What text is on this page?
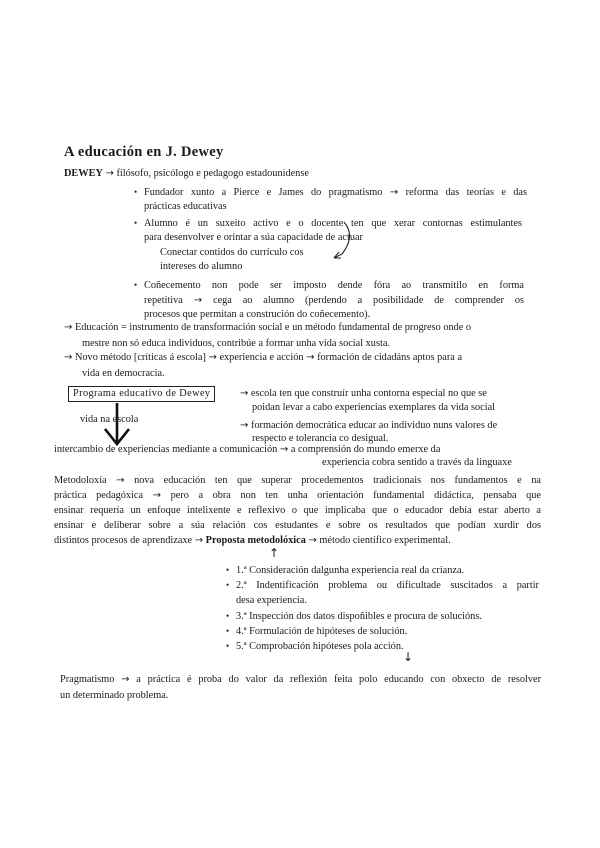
A educación en J. Dewey
DEWEY → filósofo, psicólogo e pedagogo estadounidense
• Fundador xunto a Pierce e James do pragmatismo → reforma das teorías e das
prácticas educativas
• Alumno é un suxeito activo e o docente ten que xerar contornas estimulantes
para desenvolver e orintar a súa capacidade de actuar
Conectar contidos do currículo cos
intereses do alumno
• Coñecemento non pode ser imposto dende fóra ao transmitilo en forma
repetitiva → cega ao alumno (perdendo a posibilidade de comprender os
procesos que permitan a construción do coñecemento).
→ Educación = instrumento de transformación social e un método fundamental de progreso onde o
mestre non só educa individuos, contribúe a formar unha vida social xusta.
→ Novo método [críticas á escola] → experiencia e acción → formación de cidadáns aptos para a
vida en democracia.
Programa educativo de Dewey	→ escola ten que construír unha contorna especial no que se
poidan levar a cabo experiencias exemplares da vida social
→ formación democrática educar ao individuo nuns valores de
respecto e tolerancia co desigual.
vida na escola
intercambio de experiencias mediante a comunicación → a comprensión do mundo emerxe da
experiencia cobra sentido a través da linguaxe
Metodoloxía → nova educación ten que superar procedementos tradicionais nos fundamentos e na
práctica pedagóxica → pero a obra non ten unha orientación fundamental didáctica, pensaba que
ensinar requería un enfoque intelixente e reflexivo o que implicaba que o educador debía estar aberto a
ensinar e deliberar sobre a súa relación cos estudantes e sobre os resultados que podían xurdir dos
distintos procesos de aprendizaxe → Proposta metodolóxica → método científico experimental.
↑
• 1.ª Consideración dalgunha experiencia real da crianza.
• 2.ª Indentificación problema ou dificultade suscitados a partir
desa experiencia.
• 3.ª Inspección dos datos dispoñibles e procura de solucións.
• 4.ª Formulación de hipóteses de solución.
• 5.ª Comprobación hipóteses pola acción.
↓
Pragmatismo → a práctica é proba do valor da reflexión feita polo educando con obxecto de resolver
un determinado problema.
